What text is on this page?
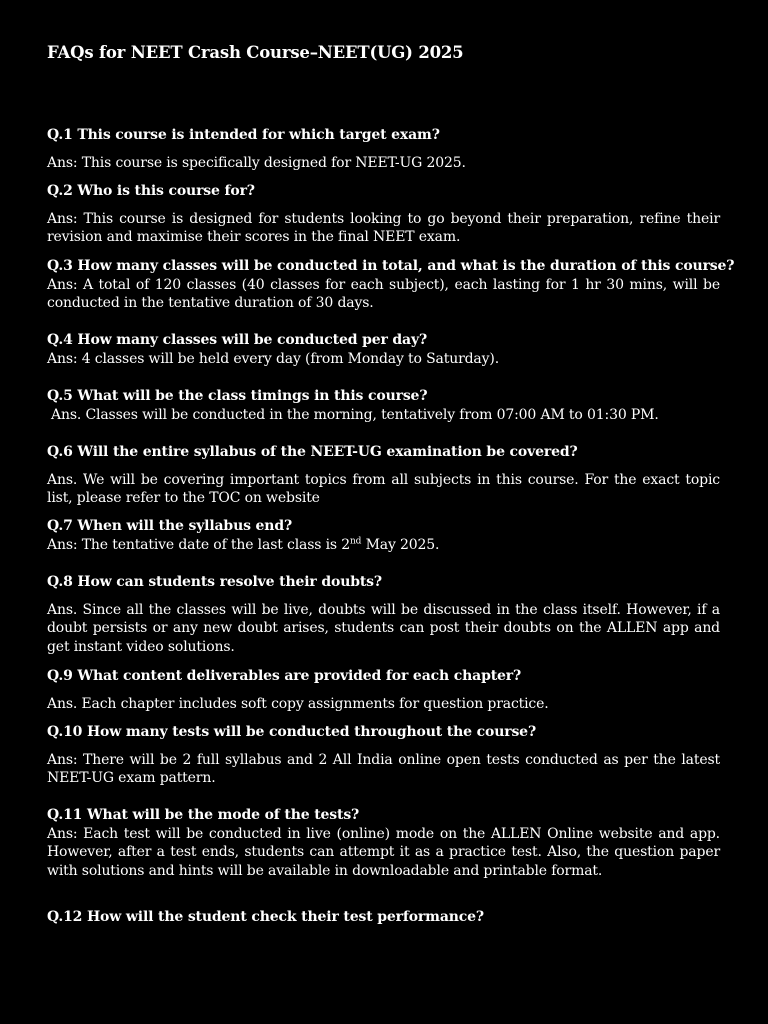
FAQs for NEET Crash Course–NEET(UG) 2025
Q.1 This course is intended for which target exam?
Ans: This course is specifically designed for NEET-UG 2025.
Q.2 Who is this course for?
Ans: This course is designed for students looking to go beyond their preparation, refine their revision and maximise their scores in the final NEET exam.
Q.3 How many classes will be conducted in total, and what is the duration of this course?
Ans: A total of 120 classes (40 classes for each subject), each lasting for 1 hr 30 mins, will be conducted in the tentative duration of 30 days.
Q.4 How many classes will be conducted per day?
Ans: 4 classes will be held every day (from Monday to Saturday).
Q.5 What will be the class timings in this course?
Ans. Classes will be conducted in the morning, tentatively from 07:00 AM to 01:30 PM.
Q.6 Will the entire syllabus of the NEET-UG examination be covered?
Ans. We will be covering important topics from all subjects in this course. For the exact topic list, please refer to the TOC on website
Q.7 When will the syllabus end?
Ans: The tentative date of the last class is 2nd May 2025.
Q.8 How can students resolve their doubts?
Ans. Since all the classes will be live, doubts will be discussed in the class itself. However, if a doubt persists or any new doubt arises, students can post their doubts on the ALLEN app and get instant video solutions.
Q.9 What content deliverables are provided for each chapter?
Ans. Each chapter includes soft copy assignments for question practice.
Q.10 How many tests will be conducted throughout the course?
Ans: There will be 2 full syllabus and 2 All India online open tests conducted as per the latest NEET-UG exam pattern.
Q.11 What will be the mode of the tests?
Ans: Each test will be conducted in live (online) mode on the ALLEN Online website and app. However, after a test ends, students can attempt it as a practice test. Also, the question paper with solutions and hints will be available in downloadable and printable format.
Q.12 How will the student check their test performance?
